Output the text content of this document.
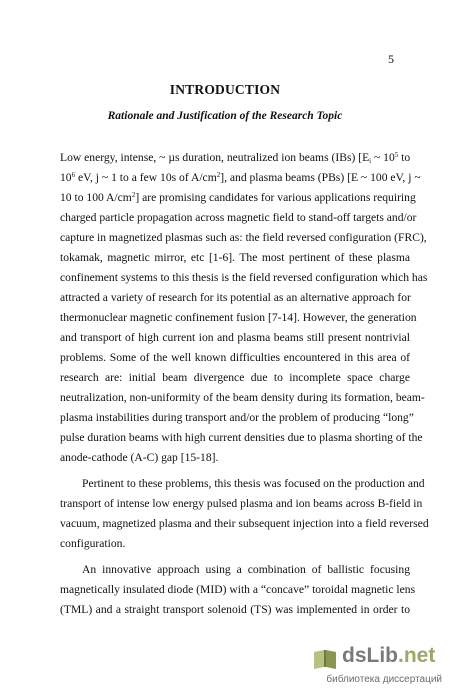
5
INTRODUCTION
Rationale and Justification of the Research Topic
Low energy, intense, ~ µs duration, neutralized ion beams (IBs) [$E_i$ ~ $10^5$ to
$10^6$ eV, j ~ 1 to a few 10s of $A/cm^2$], and plasma beams (PBs) [E ~ 100 eV, j ~
10 to 100 $A/cm^2$] are promising candidates for various applications requiring
charged particle propagation across magnetic field to stand-off targets and/or
capture in magnetized plasmas such as: the field reversed configuration (FRC),
tokamak, magnetic mirror, etc [1-6]. The most pertinent of these plasma
confinement systems to this thesis is the field reversed configuration which has
attracted a variety of research for its potential as an alternative approach for
thermonuclear magnetic confinement fusion [7-14]. However, the generation
and transport of high current ion and plasma beams still present nontrivial
problems. Some of the well known difficulties encountered in this area of
research are: initial beam divergence due to incomplete space charge
neutralization, non-uniformity of the beam density during its formation, beam-
plasma instabilities during transport and/or the problem of producing “long”
pulse duration beams with high current densities due to plasma shorting of the
anode-cathode (A-C) gap [15-18].
Pertinent to these problems, this thesis was focused on the production and
transport of intense low energy pulsed plasma and ion beams across B-field in
vacuum, magnetized plasma and their subsequent injection into a field reversed
configuration.
An innovative approach using a combination of ballistic focusing
magnetically insulated diode (MID) with a “concave” toroidal magnetic lens
(TML) and a straight transport solenoid (TS) was implemented in order to
dsLib.net
библиотека диссертаций
